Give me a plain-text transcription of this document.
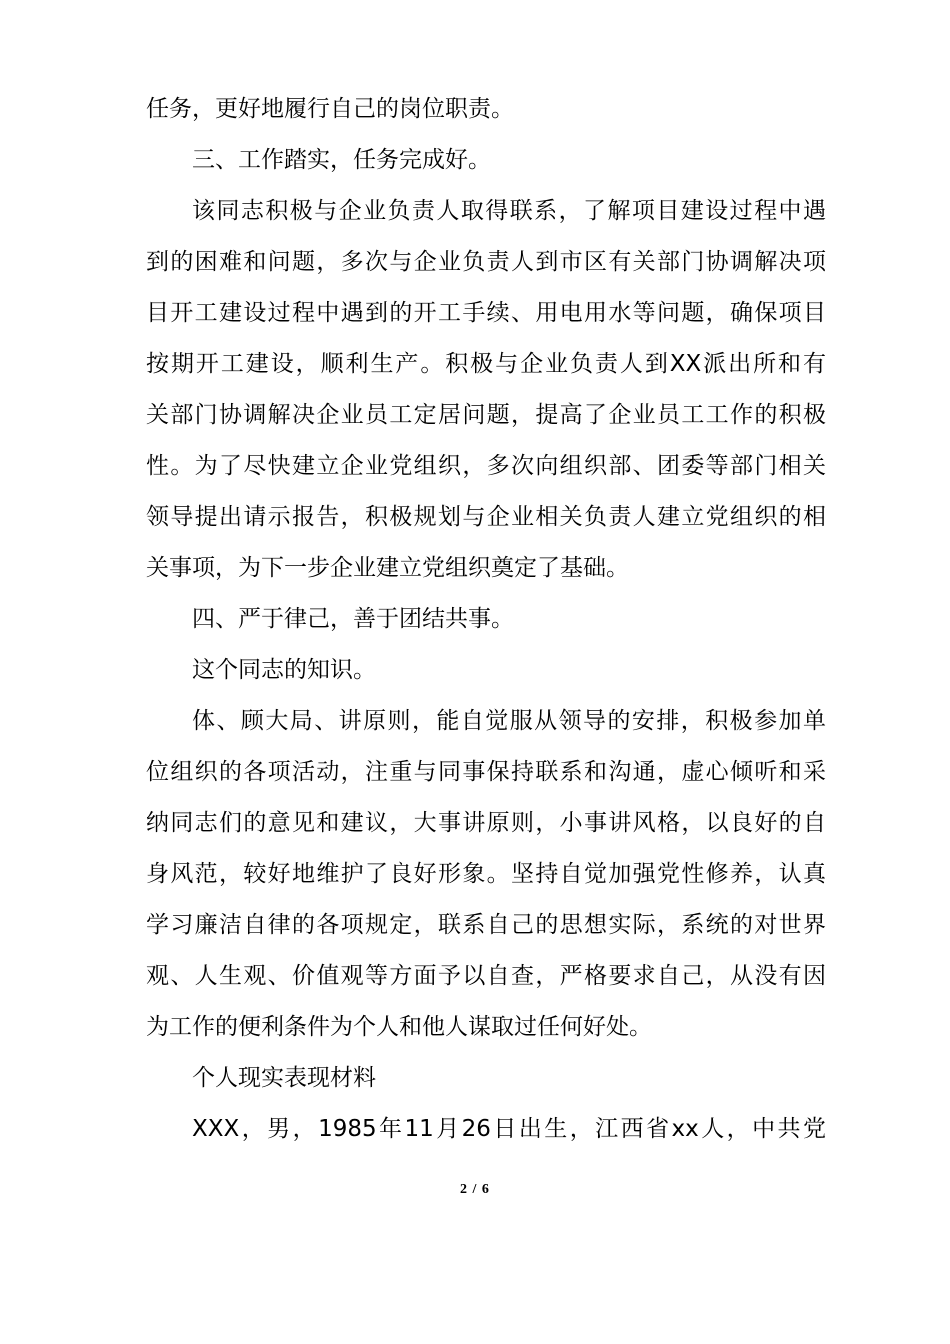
任务，更好地履行自己的岗位职责。
三、工作踏实，任务完成好。
该同志积极与企业负责人取得联系，了解项目建设过程中遇
到的困难和问题，多次与企业负责人到市区有关部门协调解决项
目开工建设过程中遇到的开工手续、用电用水等问题，确保项目
按期开工建设，顺利生产。积极与企业负责人到XX派出所和有
关部门协调解决企业员工定居问题，提高了企业员工工作的积极
性。为了尽快建立企业党组织，多次向组织部、团委等部门相关
领导提出请示报告，积极规划与企业相关负责人建立党组织的相
关事项，为下一步企业建立党组织奠定了基础。
四、严于律己，善于团结共事。
这个同志的知识。
体、顾大局、讲原则，能自觉服从领导的安排，积极参加单
位组织的各项活动，注重与同事保持联系和沟通，虚心倾听和采
纳同志们的意见和建议，大事讲原则，小事讲风格，以良好的自
身风范，较好地维护了良好形象。坚持自觉加强党性修养，认真
学习廉洁自律的各项规定，联系自己的思想实际，系统的对世界
观、人生观、价值观等方面予以自查，严格要求自己，从没有因
为工作的便利条件为个人和他人谋取过任何好处。
个人现实表现材料
XXX，男，1985年11月26日出生，江西省xx人，中共党
2 / 6
